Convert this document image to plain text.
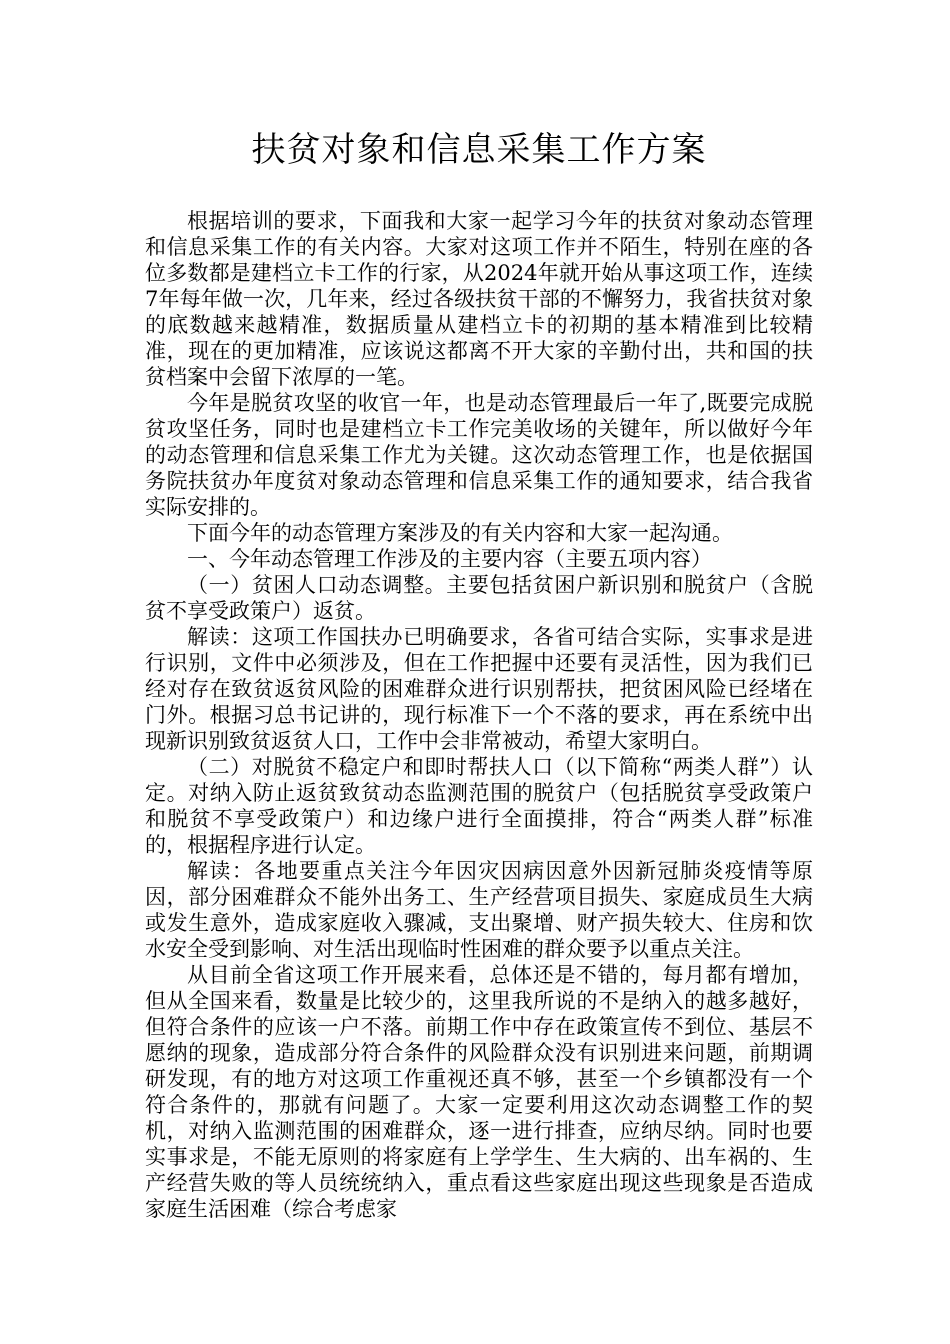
扶贫对象和信息采集工作方案

根据培训的要求，下面我和大家一起学习今年的扶贫对象动态管理和信息采集工作的有关内容。大家对这项工作并不陌生，特别在座的各位多数都是建档立卡工作的行家，从2024年就开始从事这项工作，连续7年每年做一次，几年来，经过各级扶贫干部的不懈努力，我省扶贫对象的底数越来越精准，数据质量从建档立卡的初期的基本精准到比较精准，现在的更加精准，应该说这都离不开大家的辛勤付出，共和国的扶贫档案中会留下浓厚的一笔。

今年是脱贫攻坚的收官一年，也是动态管理最后一年了,既要完成脱贫攻坚任务，同时也是建档立卡工作完美收场的关键年，所以做好今年的动态管理和信息采集工作尤为关键。这次动态管理工作，也是依据国务院扶贫办年度贫对象动态管理和信息采集工作的通知要求，结合我省实际安排的。

下面今年的动态管理方案涉及的有关内容和大家一起沟通。

一、今年动态管理工作涉及的主要内容（主要五项内容）

（一）贫困人口动态调整。主要包括贫困户新识别和脱贫户（含脱贫不享受政策户）返贫。

解读：这项工作国扶办已明确要求，各省可结合实际，实事求是进行识别，文件中必须涉及，但在工作把握中还要有灵活性，因为我们已经对存在致贫返贫风险的困难群众进行识别帮扶，把贫困风险已经堵在门外。根据习总书记讲的，现行标准下一个不落的要求，再在系统中出现新识别致贫返贫人口，工作中会非常被动，希望大家明白。

（二）对脱贫不稳定户和即时帮扶人口（以下简称“两类人群”）认定。对纳入防止返贫致贫动态监测范围的脱贫户（包括脱贫享受政策户和脱贫不享受政策户）和边缘户进行全面摸排，符合“两类人群”标准的，根据程序进行认定。

解读：各地要重点关注今年因灾因病因意外因新冠肺炎疫情等原因，部分困难群众不能外出务工、生产经营项目损失、家庭成员生大病或发生意外，造成家庭收入骤减，支出聚增、财产损失较大、住房和饮水安全受到影响、对生活出现临时性困难的群众要予以重点关注。

从目前全省这项工作开展来看，总体还是不错的，每月都有增加，但从全国来看，数量是比较少的，这里我所说的不是纳入的越多越好，但符合条件的应该一户不落。前期工作中存在政策宣传不到位、基层不愿纳的现象，造成部分符合条件的风险群众没有识别进来问题，前期调研发现，有的地方对这项工作重视还真不够，甚至一个乡镇都没有一个符合条件的，那就有问题了。大家一定要利用这次动态调整工作的契机，对纳入监测范围的困难群众，逐一进行排查，应纳尽纳。同时也要实事求是，不能无原则的将家庭有上学学生、生大病的、出车祸的、生产经营失败的等人员统统纳入，重点看这些家庭出现这些现象是否造成家庭生活困难（综合考虑家
